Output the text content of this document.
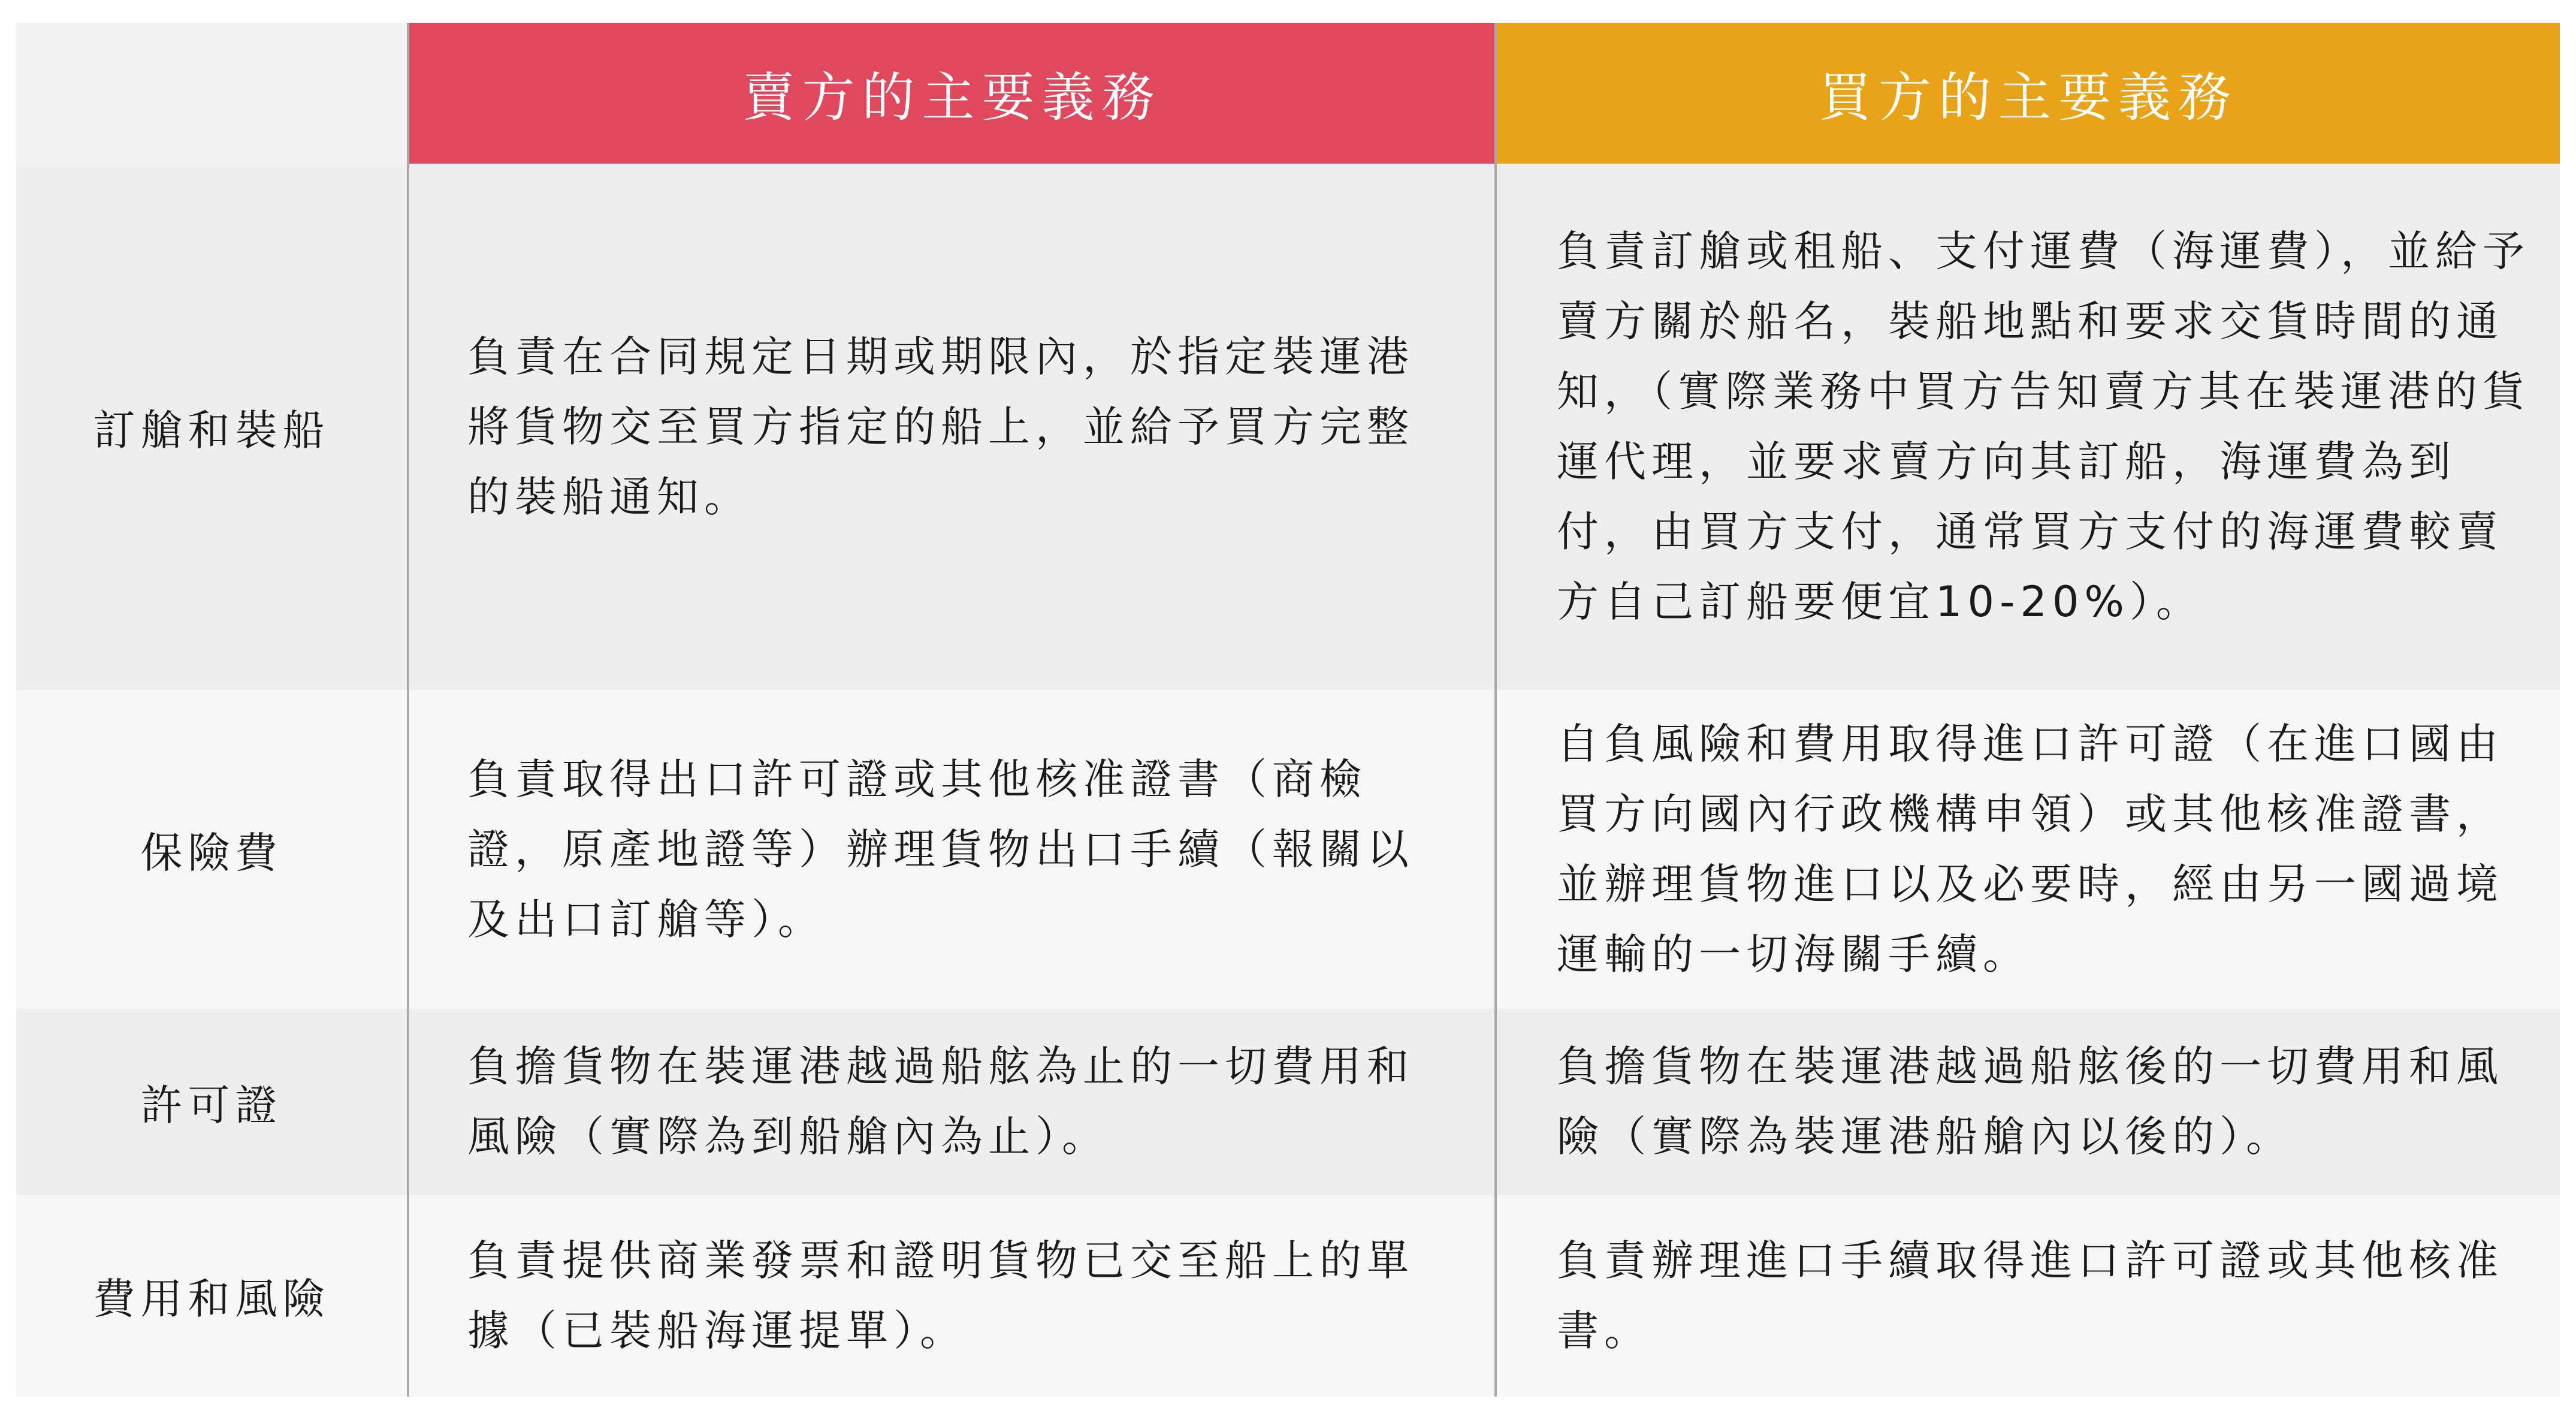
賣方的主要義務	買方的主要義務
訂艙和裝船
負責在合同規定日期或期限內，於指定裝運港將貨物交至買方指定的船上，並給予買方完整的裝船通知。
負責訂艙或租船、支付運費（海運費），並給予賣方關於船名，裝船地點和要求交貨時間的通知，（實際業務中買方告知賣方其在裝運港的貨運代理，並要求賣方向其訂船，海運費為到付，由買方支付，通常買方支付的海運費較賣方自己訂船要便宜10-20%）。
保險費
負責取得出口許可證或其他核准證書（商檢證，原產地證等）辦理貨物出口手續（報關以及出口訂艙等）。
自負風險和費用取得進口許可證（在進口國由買方向國內行政機構申領）或其他核准證書，並辦理貨物進口以及必要時，經由另一國過境運輸的一切海關手續。
許可證
負擔貨物在裝運港越過船舷為止的一切費用和風險（實際為到船艙內為止）。
負擔貨物在裝運港越過船舷後的一切費用和風險（實際為裝運港船艙內以後的）。
費用和風險
負責提供商業發票和證明貨物已交至船上的單據（已裝船海運提單）。
負責辦理進口手續取得進口許可證或其他核准書。
